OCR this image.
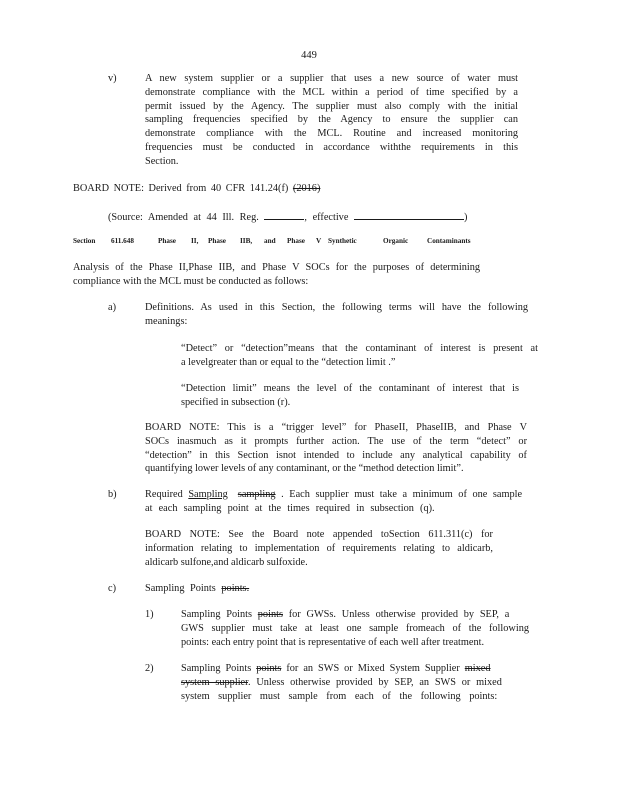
449
v)	A new system supplier or a supplier that uses a new source of water must
demonstrate compliance with the MCL within a period of time specified by a
permit issued by the Agency. The supplier must also comply with the initial
sampling frequencies specified by the Agency to ensure the supplier can
demonstrate compliance with the MCL. Routine and increased monitoring
frequencies must be conducted in accordance withthe requirements in this
Section.
BOARD NOTE: Derived from 40 CFR 141.24(f) (2016)
(Source: Amended at 44 Ill. Reg.	, effective	)
Section 611.648	Phase II, Phase IIB, and Phase V Synthetic	Organic	Contaminants
Analysis of the Phase II,Phase IIB, and Phase V SOCs for the purposes of determining
compliance with the MCL must be conducted as follows:
a)	Definitions. As used in this Section, the following terms will have the following
meanings:
“Detect” or “detection”means that the contaminant of interest is present at
a levelgreater than or equal to the “detection limit .”
“Detection limit” means the level of the contaminant of interest that is
specified in subsection (r).
BOARD NOTE: This is a “trigger level” for PhaseII, PhaseIIB, and Phase V
SOCs inasmuch as it prompts further action. The use of the term “detect” or
“detection” in this Section isnot intended to include any analytical capability of
quantifying lower levels of any contaminant, or the “method detection limit”.
b)	Required Sampling sampling . Each supplier must take a minimum of one sample
at each sampling point at the times required in subsection (q).
BOARD NOTE: See the Board note appended toSection 611.311(c) for
information relating to implementation of requirements relating to aldicarb,
aldicarb sulfone,and aldicarb sulfoxide.
c)	Sampling Points points.
1)	Sampling Points points for GWSs. Unless otherwise provided by SEP, a
GWS supplier must take at least one sample fromeach of the following
points: each entry point that is representative of each well after treatment.
2)	Sampling Points points for an SWS or Mixed System Supplier mixed
system supplier. Unless otherwise provided by SEP, an SWS or mixed
system supplier must sample from each of the following points:
